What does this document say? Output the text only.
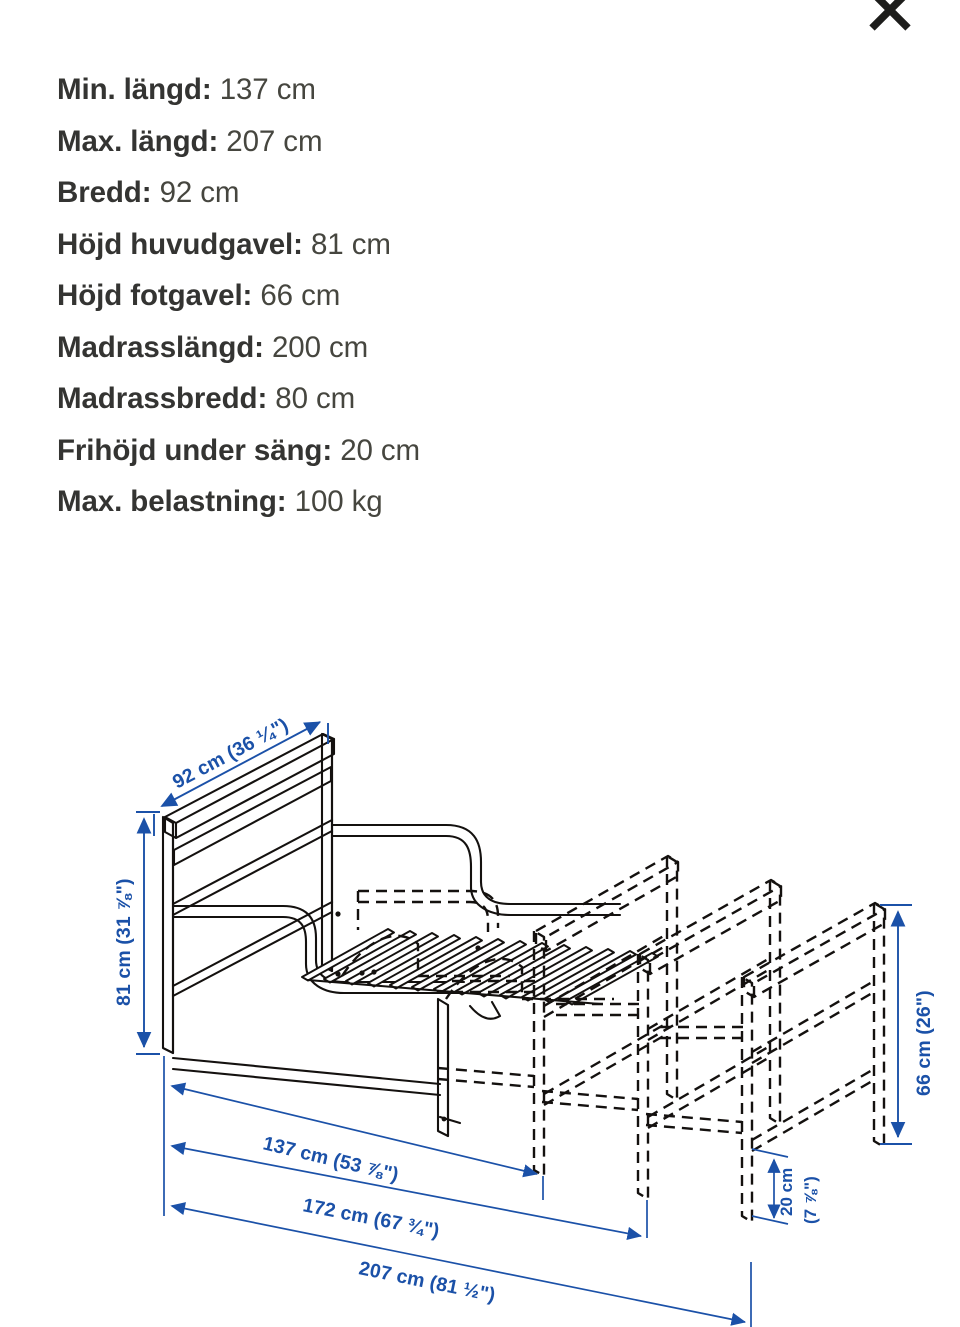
Min. längd: 137 cm
Max. längd: 207 cm
Bredd: 92 cm
Höjd huvudgavel: 81 cm
Höjd fotgavel: 66 cm
Madrasslängd: 200 cm
Madrassbredd: 80 cm
Frihöjd under säng: 20 cm
Max. belastning: 100 kg
92 cm (36 ¼")
81 cm (31 ⅞")
66 cm (26")
137 cm (53 ⅞")
172 cm (67 ¾")
207 cm (81 ½")
20 cm (7 ⅞")
